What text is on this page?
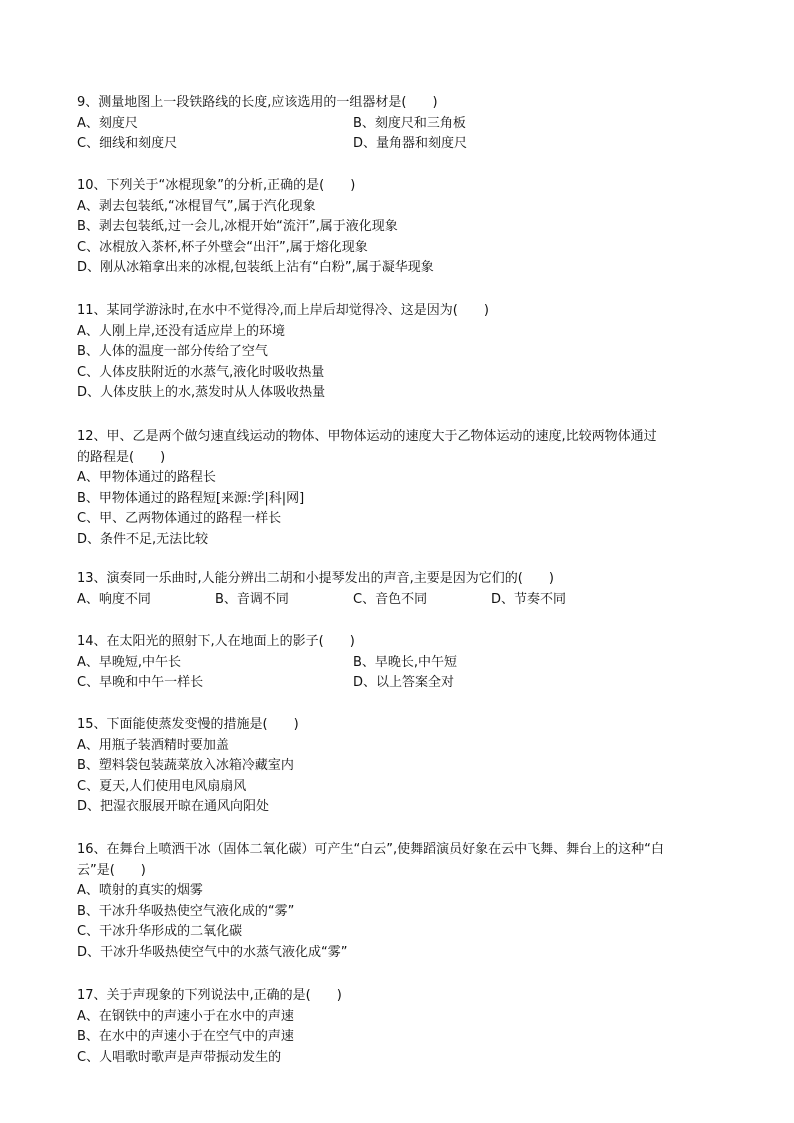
9、测量地图上一段铁路线的长度,应该选用的一组器材是(　　)
A、刻度尺	B、刻度尺和三角板
C、细线和刻度尺	D、量角器和刻度尺
10、下列关于“冰棍现象”的分析,正确的是(　　)
A、剥去包装纸,“冰棍冒气”,属于汽化现象
B、剥去包装纸,过一会儿,冰棍开始“流汗”,属于液化现象
C、冰棍放入茶杯,杯子外壁会“出汗”,属于熔化现象
D、刚从冰箱拿出来的冰棍,包装纸上沾有“白粉”,属于凝华现象
11、某同学游泳时,在水中不觉得冷,而上岸后却觉得冷、这是因为(　　)
A、人刚上岸,还没有适应岸上的环境
B、人体的温度一部分传给了空气
C、人体皮肤附近的水蒸气,液化时吸收热量
D、人体皮肤上的水,蒸发时从人体吸收热量
12、甲、乙是两个做匀速直线运动的物体、甲物体运动的速度大于乙物体运动的速度,比较两物体通过
的路程是(　　)
A、甲物体通过的路程长
B、甲物体通过的路程短[来源:学|科|网]
C、甲、乙两物体通过的路程一样长
D、条件不足,无法比较
13、演奏同一乐曲时,人能分辨出二胡和小提琴发出的声音,主要是因为它们的(　　)
A、响度不同	B、音调不同	C、音色不同	D、节奏不同
14、在太阳光的照射下,人在地面上的影子(　　)
A、早晚短,中午长	B、早晚长,中午短
C、早晚和中午一样长	D、以上答案全对
15、下面能使蒸发变慢的措施是(　　)
A、用瓶子装酒精时要加盖
B、塑料袋包装蔬菜放入冰箱冷藏室内
C、夏天,人们使用电风扇扇风
D、把湿衣服展开晾在通风向阳处
16、在舞台上喷洒干冰（固体二氧化碳）可产生“白云”,使舞蹈演员好象在云中飞舞、舞台上的这种“白
云”是(　　)
A、喷射的真实的烟雾
B、干冰升华吸热使空气液化成的“雾”
C、干冰升华形成的二氧化碳
D、干冰升华吸热使空气中的水蒸气液化成“雾”
17、关于声现象的下列说法中,正确的是(　　)
A、在钢铁中的声速小于在水中的声速
B、在水中的声速小于在空气中的声速
C、人唱歌时歌声是声带振动发生的
